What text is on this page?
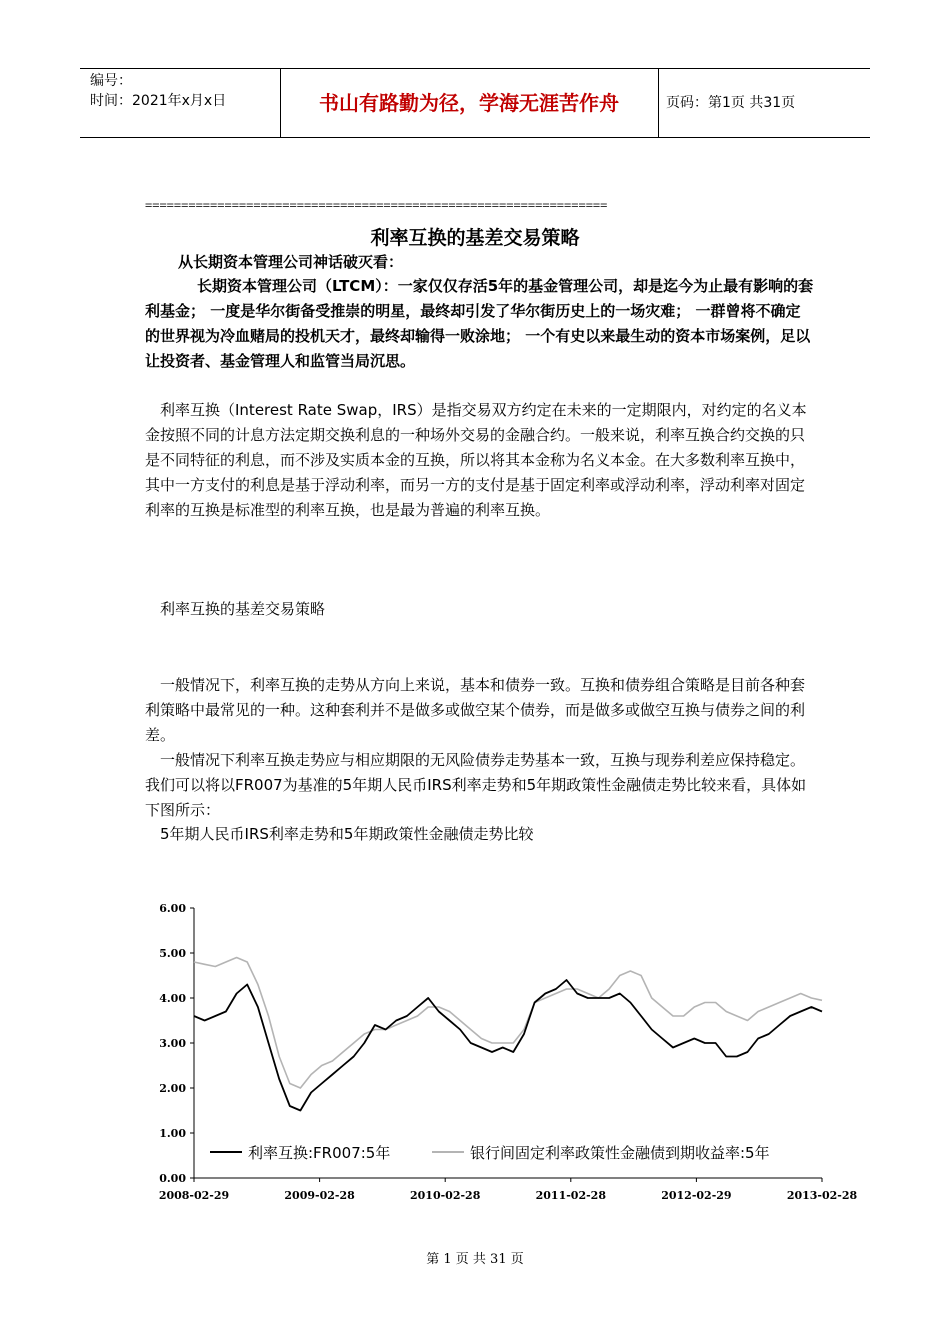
编号：
时间：2021年x月x日	书山有路勤为径，学海无涯苦作舟	页码：第1页 共31页
================================================================
利率互换的基差交易策略
从长期资本管理公司神话破灭看：
长期资本管理公司（LTCM）：一家仅仅存活5年的基金管理公司，却是迄今为止最有影响的套利基金； 一度是华尔街备受推崇的明星，最终却引发了华尔街历史上的一场灾难； 一群曾将不确定的世界视为冷血赌局的投机天才，最终却输得一败涂地； 一个有史以来最生动的资本市场案例，足以让投资者、基金管理人和监管当局沉思。
利率互换（Interest Rate Swap，IRS）是指交易双方约定在未来的一定期限内，对约定的名义本金按照不同的计息方法定期交换利息的一种场外交易的金融合约。一般来说，利率互换合约交换的只是不同特征的利息，而不涉及实质本金的互换，所以将其本金称为名义本金。在大多数利率互换中，其中一方支付的利息是基于浮动利率，而另一方的支付是基于固定利率或浮动利率，浮动利率对固定利率的互换是标准型的利率互换，也是最为普遍的利率互换。
利率互换的基差交易策略
一般情况下，利率互换的走势从方向上来说，基本和债券一致。互换和债券组合策略是目前各种套利策略中最常见的一种。这种套利并不是做多或做空某个债券，而是做多或做空互换与债券之间的利差。
一般情况下利率互换走势应与相应期限的无风险债券走势基本一致，互换与现券利差应保持稳定。我们可以将以FR007为基准的5年期人民币IRS利率走势和5年期政策性金融债走势比较来看，具体如下图所示：
5年期人民币IRS利率走势和5年期政策性金融债走势比较
0.00
1.00
2.00
3.00
4.00
5.00
6.00
2008-02-29	2009-02-28	2010-02-28	2011-02-28	2012-02-29	2013-02-28
利率互换:FR007:5年	银行间固定利率政策性金融债到期收益率:5年
第 1 页 共 31 页
